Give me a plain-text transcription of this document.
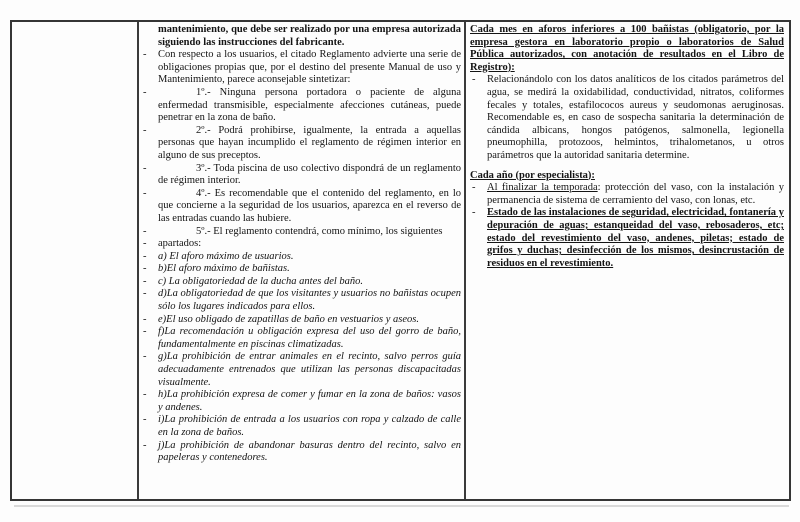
mantenimiento, que debe ser realizado por una empresa autorizada siguiendo las instrucciones del fabricante.

- Con respecto a los usuarios, el citado Reglamento advierte una serie de obligaciones propias que, por el destino del presente Manual de uso y Mantenimiento, parece aconsejable sintetizar:

-	1º.- Ninguna persona portadora o paciente de alguna enfermedad transmisible, especialmente afecciones cutáneas, puede penetrar en la zona de baño.

-	2º.- Podrá prohibirse, igualmente, la entrada a aquellas personas que hayan incumplido el reglamento de régimen interior en alguno de sus preceptos.

-	3º.- Toda piscina de uso colectivo dispondrá de un reglamento de régimen interior.

-	4º.- Es recomendable que el contenido del reglamento, en lo que concierne a la seguridad de los usuarios, aparezca en el reverso de las entradas cuando las hubiere.

-	5º.- El reglamento contendrá, como mínimo, los siguientes

- apartados:

- a) El aforo máximo de usuarios.

- b)El aforo máximo de bañistas.

- c) La obligatoriedad de la ducha antes del baño.

- d)La obligatoriedad de que los visitantes y usuarios no bañistas ocupen sólo los lugares indicados para ellos.

- e)El uso obligado de zapatillas de baño en vestuarios y aseos.

- f)La recomendación u obligación expresa del uso del gorro de baño, fundamentalmente en piscinas climatizadas.

- g)La prohibición de entrar animales en el recinto, salvo perros guía adecuadamente entrenados que utilizan las personas discapacitadas visualmente.

- h)La prohibición expresa de comer y fumar en la zona de baños: vasos y andenes.

- i)La prohibición de entrada a los usuarios con ropa y calzado de calle en la zona de baños.

- j)La prohibición de abandonar basuras dentro del recinto, salvo en papeleras y contenedores.

Cada mes en aforos inferiores a 100 bañistas (obligatorio, por la empresa gestora en laboratorio propio o laboratorios de Salud Pública autorizados, con anotación de resultados en el Libro de Registro):

- Relacionándolo con los datos analíticos de los citados parámetros del agua, se medirá la oxidabilidad, conductividad, nitratos, coliformes fecales y totales, estafilococos aureus y seudomonas aeruginosas. Recomendable es, en caso de sospecha sanitaria la determinación de cándida albicans, hongos patógenos, salmonella, legionella pneumophilla, protozoos, helmintos, trihalometanos, u otros parámetros que la autoridad sanitaria determine.

Cada año (por especialista):

- Al finalizar la temporada: protección del vaso, con la instalación y permanencia de sistema de cerramiento del vaso, con lonas, etc.

- Estado de las instalaciones de seguridad, electricidad, fontanería y depuración de aguas; estanqueidad del vaso, rebosaderos, etc; estado del revestimiento del vaso, andenes, piletas; estado de grifos y duchas; desinfección de los mismos, desincrustación de residuos en el revestimiento.
